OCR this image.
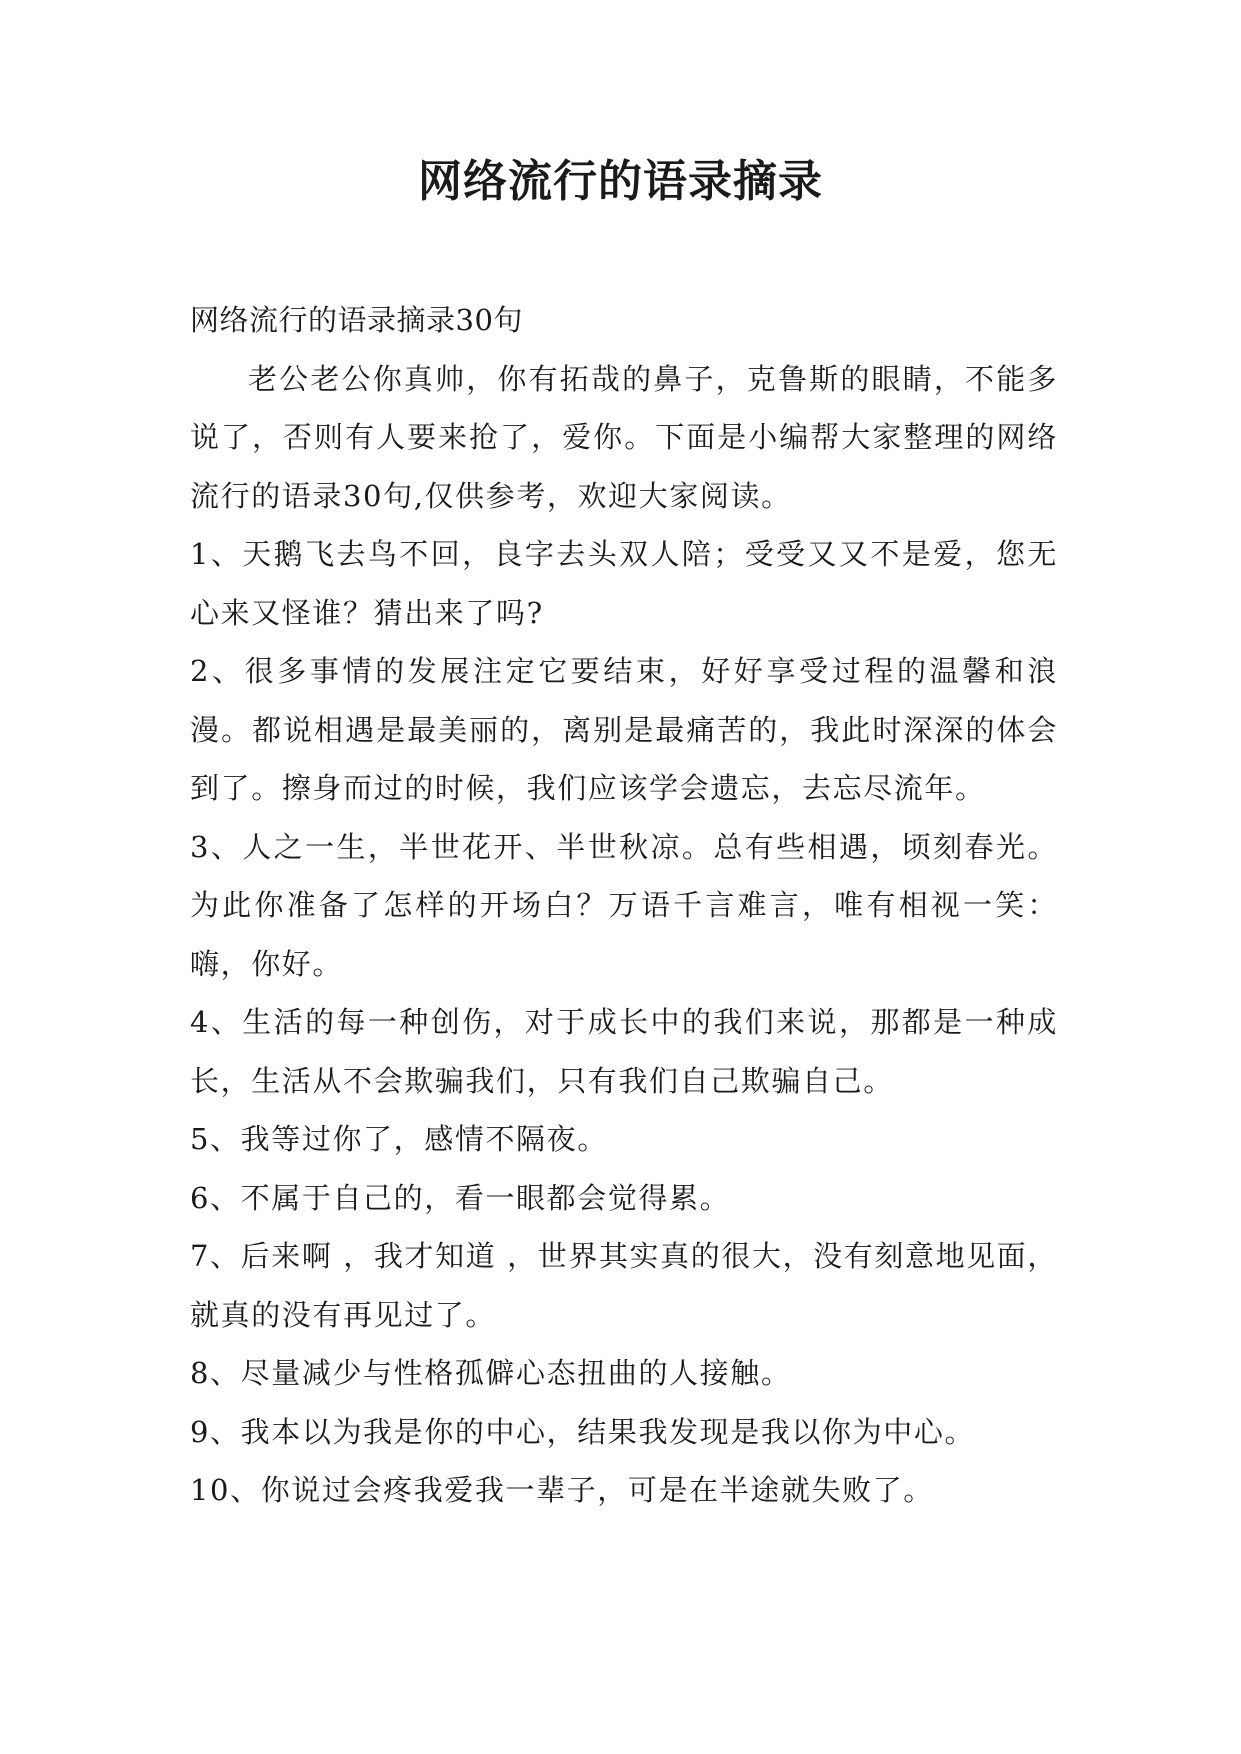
网络流行的语录摘录

网络流行的语录摘录30句

老公老公你真帅，你有拓哉的鼻子，克鲁斯的眼睛，不能多说了，否则有人要来抢了，爱你。下面是小编帮大家整理的网络流行的语录30句,仅供参考，欢迎大家阅读。

1、天鹅飞去鸟不回，良字去头双人陪；受受又又不是爱，您无心来又怪谁？猜出来了吗?

2、很多事情的发展注定它要结束，好好享受过程的温馨和浪漫。都说相遇是最美丽的，离别是最痛苦的，我此时深深的体会到了。擦身而过的时候，我们应该学会遗忘，去忘尽流年。

3、人之一生，半世花开、半世秋凉。总有些相遇，顷刻春光。为此你准备了怎样的开场白？万语千言难言，唯有相视一笑：嗨，你好。

4、生活的每一种创伤，对于成长中的我们来说，那都是一种成长，生活从不会欺骗我们，只有我们自己欺骗自己。

5、我等过你了，感情不隔夜。

6、不属于自己的，看一眼都会觉得累。

7、后来啊 ，我才知道 ，世界其实真的很大，没有刻意地见面，就真的没有再见过了。

8、尽量减少与性格孤僻心态扭曲的人接触。

9、我本以为我是你的中心，结果我发现是我以你为中心。

10、你说过会疼我爱我一辈子，可是在半途就失败了。
